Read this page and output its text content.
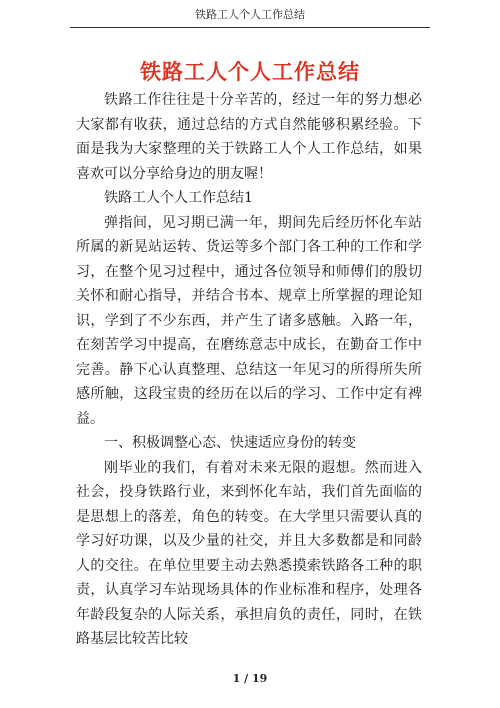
铁路工人个人工作总结
铁路工人个人工作总结

铁路工作往往是十分辛苦的，经过一年的努力想必大家都有收获，通过总结的方式自然能够积累经验。下面是我为大家整理的关于铁路工人个人工作总结，如果喜欢可以分享给身边的朋友喔！

铁路工人个人工作总结1

弹指间，见习期已满一年，期间先后经历怀化车站所属的新晃站运转、货运等多个部门各工种的工作和学习，在整个见习过程中，通过各位领导和师傅们的殷切关怀和耐心指导，并结合书本、规章上所掌握的理论知识，学到了不少东西，并产生了诸多感触。入路一年，在刻苦学习中提高，在磨练意志中成长，在勤奋工作中完善。静下心认真整理、总结这一年见习的所得所失所感所触，这段宝贵的经历在以后的学习、工作中定有裨益。

一、积极调整心态、快速适应身份的转变

刚毕业的我们，有着对未来无限的遐想。然而进入社会，投身铁路行业，来到怀化车站，我们首先面临的是思想上的落差，角色的转变。在大学里只需要认真的学习好功课，以及少量的社交，并且大多数都是和同龄人的交往。在单位里要主动去熟悉摸索铁路各工种的职责，认真学习车站现场具体的作业标准和程序，处理各年龄段复杂的人际关系，承担肩负的责任，同时，在铁路基层比较苦比较

1 / 19
